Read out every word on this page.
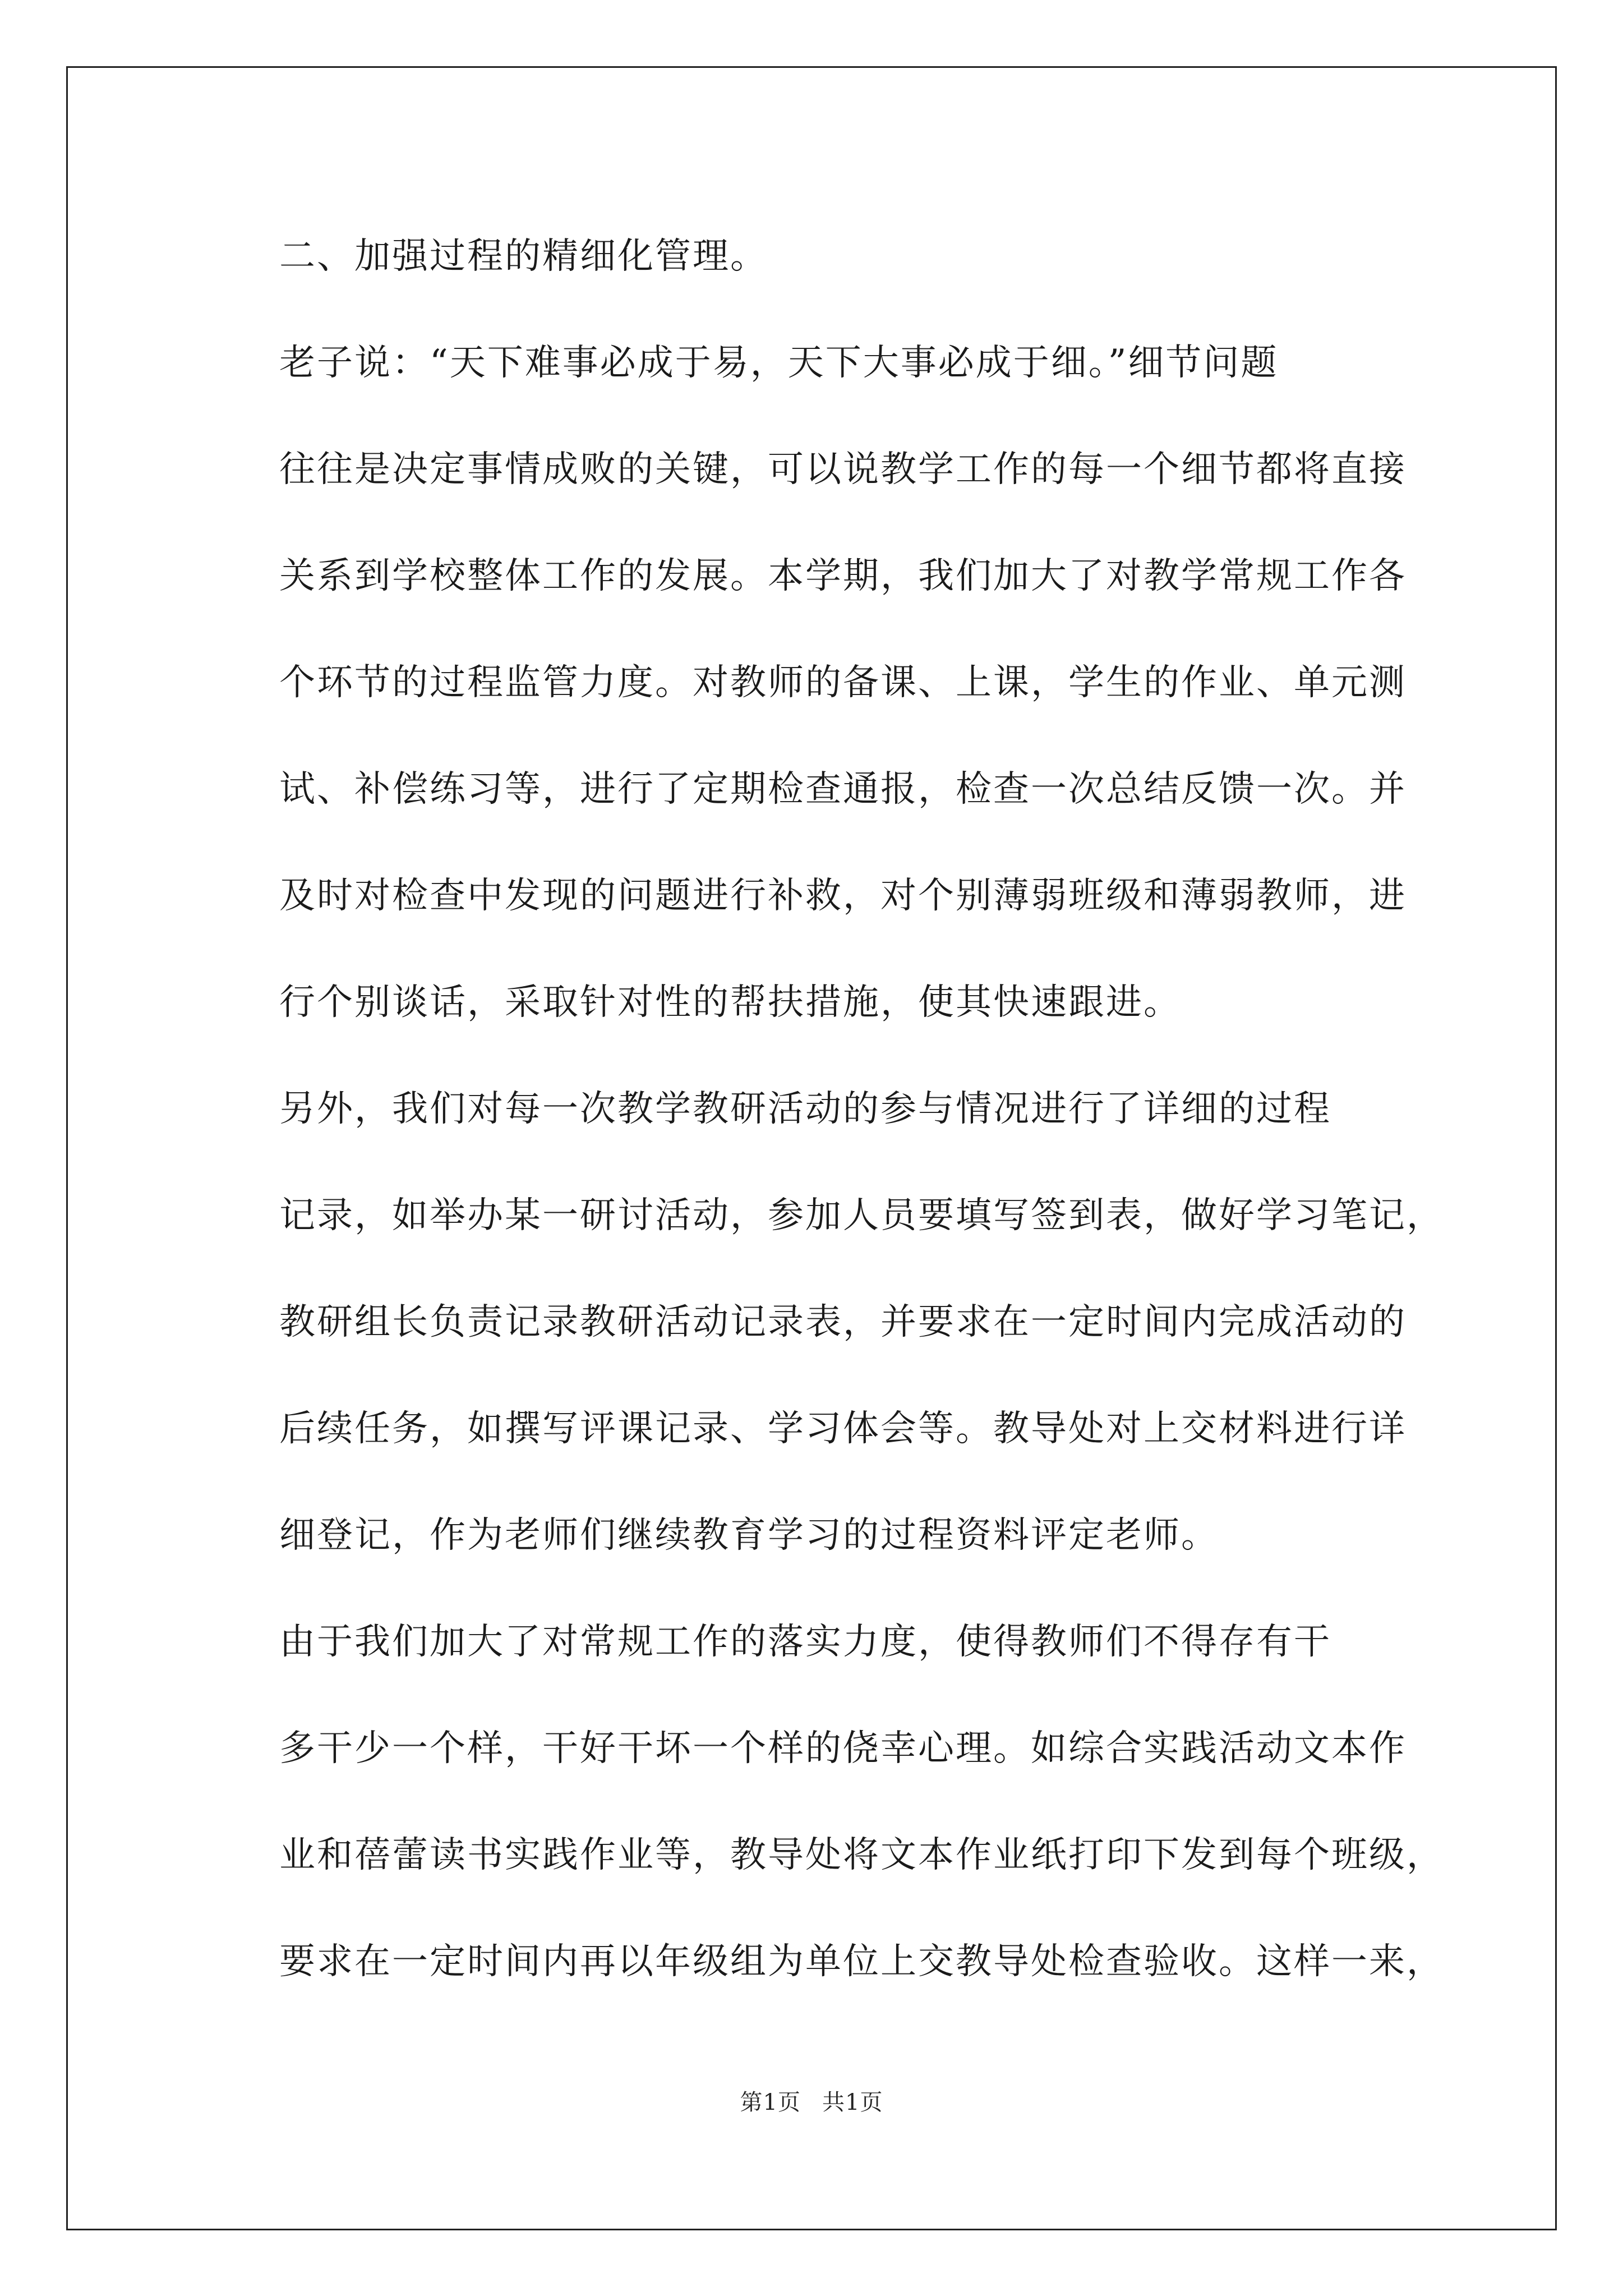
二、加强过程的精细化管理。

老子说：“天下难事必成于易，天下大事必成于细。”细节问题
往往是决定事情成败的关键，可以说教学工作的每一个细节都将直接
关系到学校整体工作的发展。本学期，我们加大了对教学常规工作各
个环节的过程监管力度。对教师的备课、上课，学生的作业、单元测
试、补偿练习等，进行了定期检查通报，检查一次总结反馈一次。并
及时对检查中发现的问题进行补救，对个别薄弱班级和薄弱教师，进
行个别谈话，采取针对性的帮扶措施，使其快速跟进。

另外，我们对每一次教学教研活动的参与情况进行了详细的过程
记录，如举办某一研讨活动，参加人员要填写签到表，做好学习笔记，
教研组长负责记录教研活动记录表，并要求在一定时间内完成活动的
后续任务，如撰写评课记录、学习体会等。教导处对上交材料进行详
细登记，作为老师们继续教育学习的过程资料评定老师。

由于我们加大了对常规工作的落实力度，使得教师们不得存有干
多干少一个样，干好干坏一个样的侥幸心理。如综合实践活动文本作
业和蓓蕾读书实践作业等，教导处将文本作业纸打印下发到每个班级，
要求在一定时间内再以年级组为单位上交教导处检查验收。这样一来，

第1页 共1页
